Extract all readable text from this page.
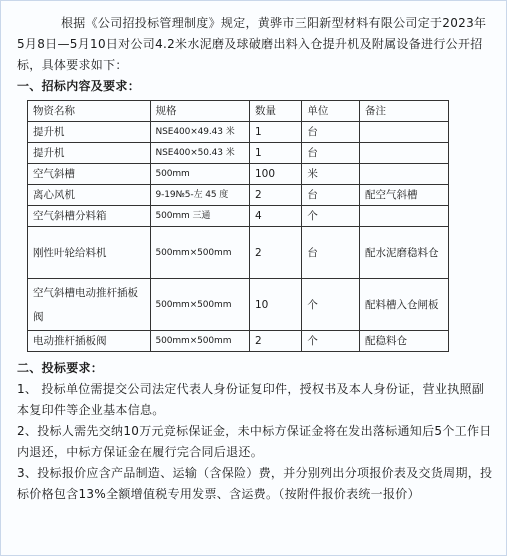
根据《公司招投标管理制度》规定，黄骅市三阳新型材料有限公司定于2023年5月8日—5月10日对公司4.2米水泥磨及球破磨出料入仓提升机及附属设备进行公开招标，具体要求如下：

一、招标内容及要求：

物资名称	规格	数量	单位	备注
提升机	NSE400×49.43 米	1	台	
提升机	NSE400×50.43 米	1	台	
空气斜槽	500mm	100	米	
离心风机	9-19№5-左 45 度	2	台	配空气斜槽
空气斜槽分料箱	500mm 三通	4	个	
刚性叶轮给料机	500mm×500mm	2	台	配水泥磨稳料仓
空气斜槽电动推杆插板阀	500mm×500mm	10	个	配料槽入仓闸板
电动推杆插板阀	500mm×500mm	2	个	配稳料仓

二、投标要求：

1、 投标单位需提交公司法定代表人身份证复印件，授权书及本人身份证，营业执照副本复印件等企业基本信息。

2、投标人需先交纳10万元竞标保证金，未中标方保证金将在发出落标通知后5个工作日内退还，中标方保证金在履行完合同后退还。

3、投标报价应含产品制造、运输（含保险）费，并分别列出分项报价表及交货周期，投标价格包含13%全额增值税专用发票、含运费。（按附件报价表统一报价）
